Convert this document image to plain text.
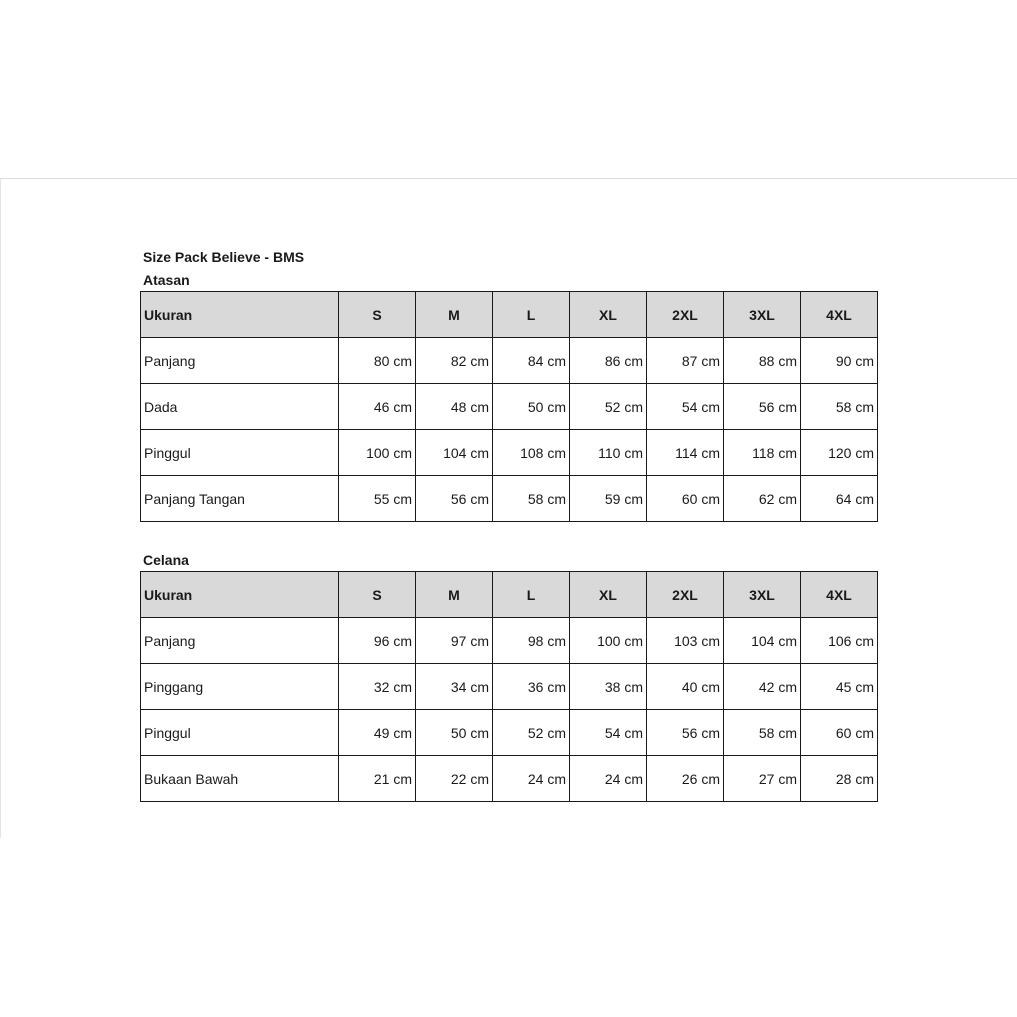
Size Pack Believe - BMS
Atasan
Ukuran	S	M	L	XL	2XL	3XL	4XL
Panjang	80 cm	82 cm	84 cm	86 cm	87 cm	88 cm	90 cm
Dada	46 cm	48 cm	50 cm	52 cm	54 cm	56 cm	58 cm
Pinggul	100 cm	104 cm	108 cm	110 cm	114 cm	118 cm	120 cm
Panjang Tangan	55 cm	56 cm	58 cm	59 cm	60 cm	62 cm	64 cm
Celana
Ukuran	S	M	L	XL	2XL	3XL	4XL
Panjang	96 cm	97 cm	98 cm	100 cm	103 cm	104 cm	106 cm
Pinggang	32 cm	34 cm	36 cm	38 cm	40 cm	42 cm	45 cm
Pinggul	49 cm	50 cm	52 cm	54 cm	56 cm	58 cm	60 cm
Bukaan Bawah	21 cm	22 cm	24 cm	24 cm	26 cm	27 cm	28 cm
